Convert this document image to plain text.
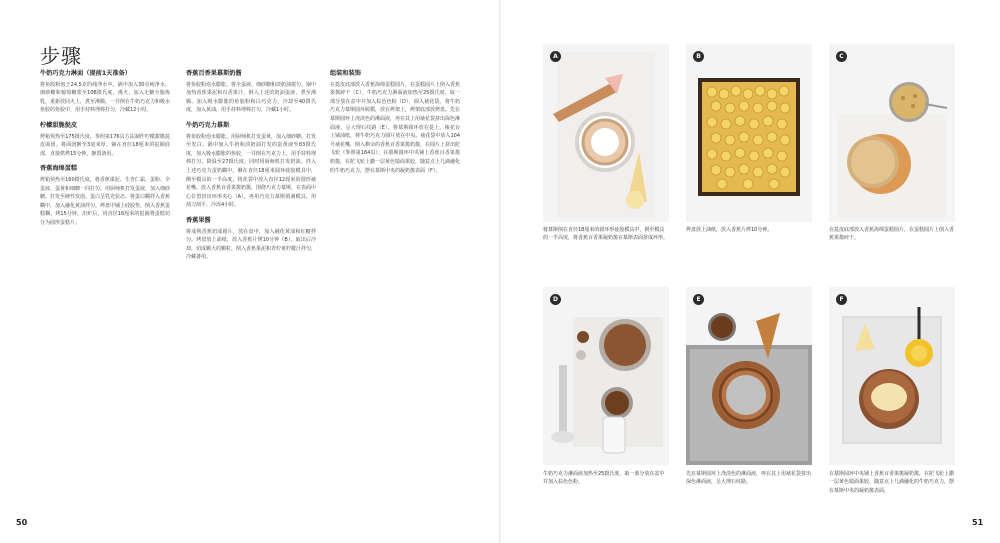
步骤
牛奶巧克力淋面（提前1天准备）
将鱼胶粉泡于24.5克的纯净水中。锅中加入30克纯净水、细砂糖和葡萄糖浆至108摄氏度，离火，加入无糖全脂炼乳，重新放回火上，煮至沸腾。一并倒在牛奶巧克力和吸水鱼胶的鱼胶中，用手持料理棒打匀，冷藏12小时。
柠檬甜脆挞皮
烤箱预热至175摄氏度。参照第176页方法制作柠檬甜脆挞皮面团。将面团擀至3毫米厚，铺在直径18厘米的挞圈底部，直接烘烤15分钟。静置备用。
香蕉海绵蛋糕
烤箱预热至160摄氏度。将香蕉果泥、生杏仁霜、蛋粉、全蛋液、蛋黄和细糖一同打匀。用厨师机打发蛋液，加入细砂糖，打发至硬性发泡。蛋白呈乳光状态。将蛋白糊拌入香蕉糊中，加入融化黄油拌匀。烤盘中铺上硅胶垫，倒入香蕉蛋糕糊，烤15分钟。出炉后，用直径16厘米的挞圈将蛋糕切分为圆形蛋糕片。
香蕉百香果慕斯奶酱
将鱼胶粉泡水膨胀。将全蛋液、细砂糖和淡奶油搅匀。锅中加热香蕉果泥和百香果汁，倒入上述的奶油蛋液，煮至沸腾。加入吸水膨胀的鱼胶粉和白巧克力，冷却至40摄氏度，加入黄油，用手持料理棒打匀，冷藏1小时。
牛奶巧克力慕斯
将鱼胶粉泡水膨胀。用厨师机打发蛋黄，加入细砂糖，打发至发白。锅中加入牛奶和淡奶油打发的蛋黄液至83摄氏度，加入吸水膨胀的鱼胶，一并倒在巧克力上，用手持料理棒打匀，降温至27摄氏度。同时用厨师机打发奶油，拌入上述巧克力蛋奶糊中。侧在直径18厘米圆环硅胶模具中，侧至模具的一半高度。将花袋中放入直径12厘米的圆形裱花嘴。放入香蕉百香果酱奶酱，围绕巧克力慕斯，在表面中心位置挤出环形夹心（A），再用巧克力慕斯填满模具，用刮刀刮平，冷冻4小时。
香蕉果酱
将成熟香蕉切成圆片，放在盘中，加入融化黄油和红糖拌匀。烤盘放上油纸，放入香蕉片烤10分钟（B）。取出后冷却，切成颗大的颗粒，倒入香蕉果泥和青柠黄柠檬汁拌匀，冷藏备用。
组装和装饰
在挞皮底部放入香蕉海绵蛋糕圆片，在蛋糕圆片上倒入香蕉果酱碎干（C）。牛奶巧克力淋面液加热至25摄氏度，取一部分放在盆中并加入棕色色粉（D），调入裱花袋。将牛奶巧克力慕斯圆环脱模，放在烤架上，烤架底部放烤盘。先在慕斯圆环上浇淡色的淋面液，再在其上用裱花袋挤出深色淋面液，呈大理石纹路（E）。将慕斯圆环放在挞上。裱花台上铺油纸，将牛奶巧克力圆片放在中央。裱花袋中放入104号裱花嘴，倒入剩余的香蕉百香果酱奶酱，在圆片上挤出陀飞轮（参照第184页）。在慕斯圆环中央铺上香蕉百香果酱奶酱，在陀飞轮上撒一层黄色镜面果胶，随意点上几滴融化的牛奶巧克力，摆在慕斯中央的凝奶酱表面（F）。
A	B	C
将慕斯倒在直径18厘米的圆环形硅胶模具中，倒至模具的一半高度，将香蕉百香果凝奶酱在慕斯表面挤成环形。
烤盘放上油纸，放入香蕉片烤10分钟。	在挞皮底部放入香蕉海绵蛋糕圆片，在蛋糕圆片上倒入香蕉果酱碎干。
D	E	F
牛奶巧克力淋面液加热至25摄氏度，取一部分放在盆中并加入棕色色粉。
先在慕斯圆环上浇淡色的淋面液，再在其上用裱花袋挤出深色淋面液，呈大理石纹路。
在慕斯圆环中央铺上香蕉百香果酱凝奶酱，在陀飞轮上撒一层黄色镜面果胶，随意点上几滴融化的牛奶巧克力，摆在慕斯中央的凝奶酱表面。
50	51
